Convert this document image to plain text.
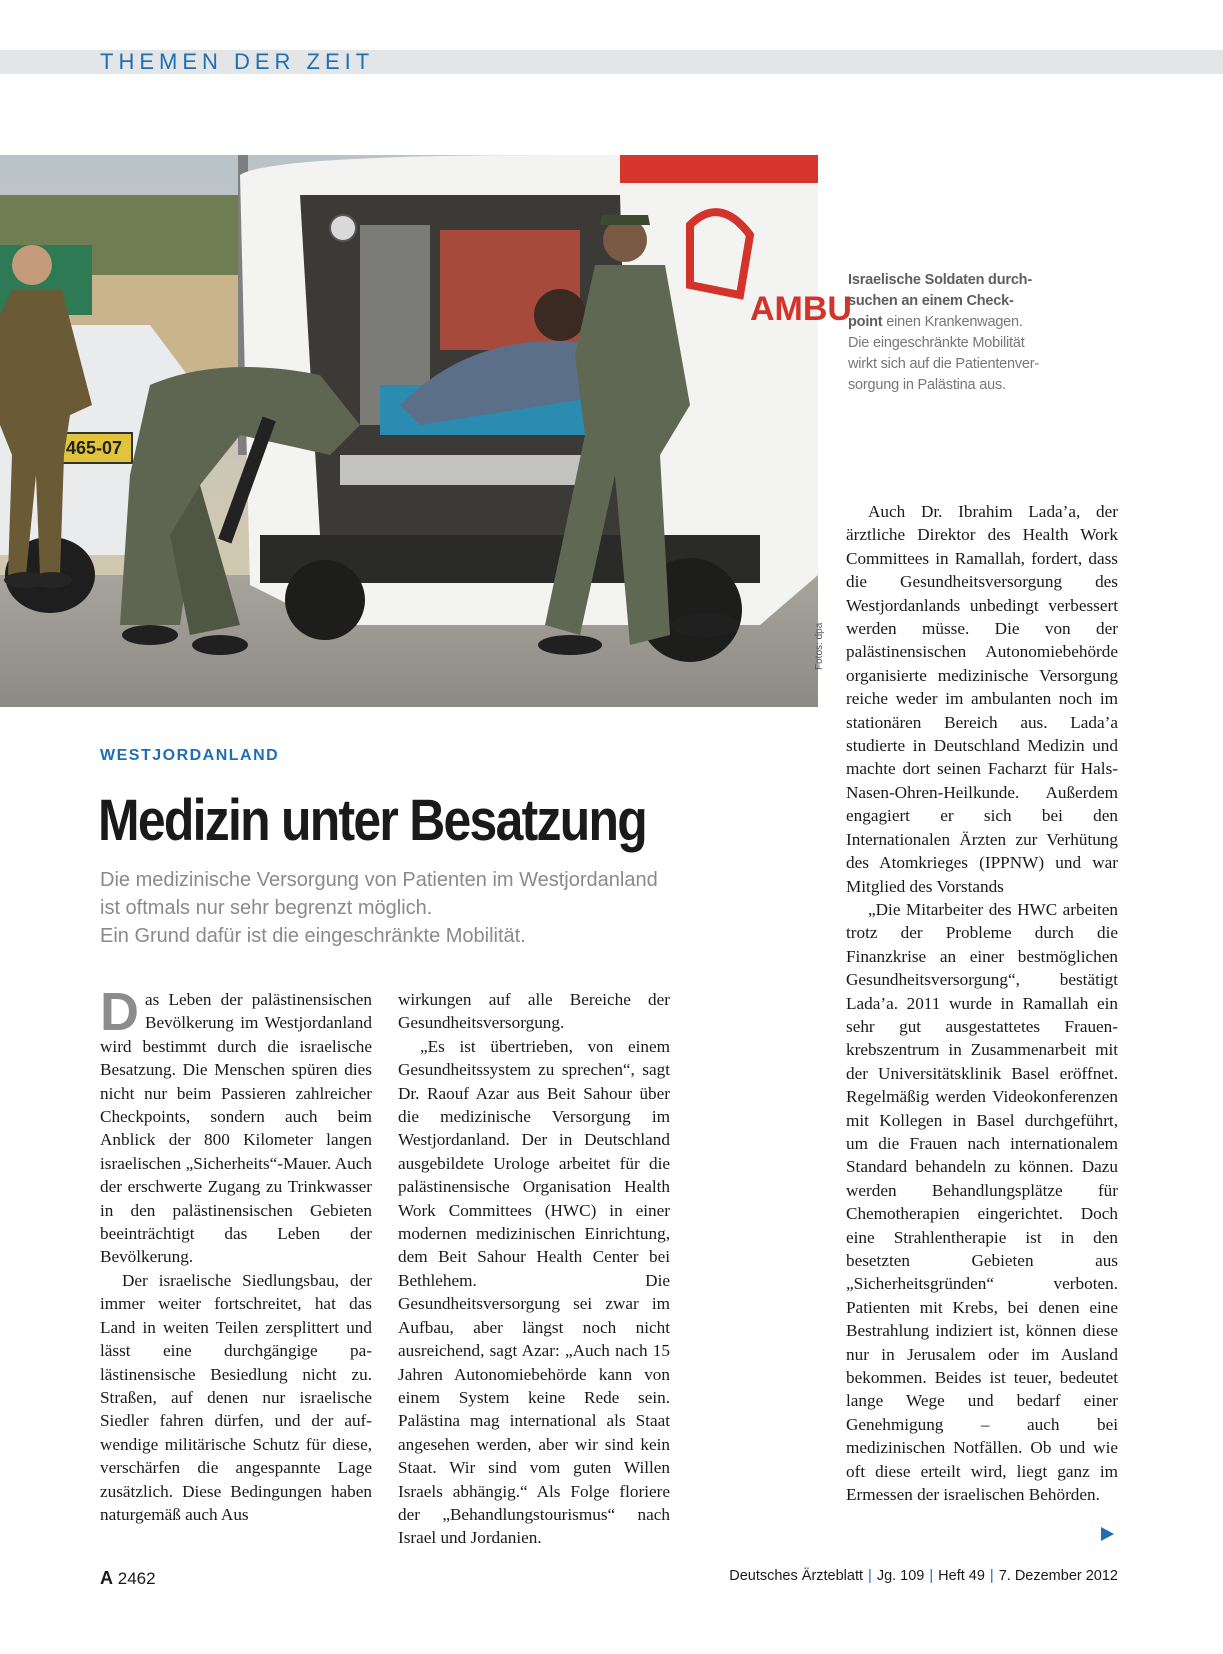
THEMEN DER ZEIT
465-07
AMBU
Fotos: dpa
Israelische Soldaten durch-
suchen an einem Check-
point einen Krankenwagen.
Die eingeschränkte Mobilität
wirkt sich auf die Patientenver-
sorgung in Palästina aus.
WESTJORDANLAND
Medizin unter Besatzung
Die medizinische Versorgung von Patienten im Westjordanland
ist oftmals nur sehr begrenzt möglich.
Ein Grund dafür ist die eingeschränkte Mobilität.

Das Leben der palästinensischen Bevölkerung im Westjordanland wird bestimmt durch die israelische Besatzung. Die Menschen spüren dies nicht nur beim Passieren zahlreicher Checkpoints, sondern auch beim Anblick der 800 Kilometer langen israelischen „Sicherheits“-Mauer. Auch der erschwerte Zugang zu Trinkwasser in den palästinensischen Gebieten beeinträchtigt das Leben der Bevölkerung.

Der israelische Siedlungsbau, der immer weiter fortschreitet, hat das Land in weiten Teilen zersplittert und lässt eine durchgängige palästinensische Besiedlung nicht zu. Straßen, auf denen nur israelische Siedler fahren dürfen, und der aufwendige militärische Schutz für diese, verschärfen die angespannte Lage zusätzlich. Diese Bedingungen haben naturgemäß auch Aus

wirkungen auf alle Bereiche der Gesundheitsversorgung.

„Es ist übertrieben, von einem Gesundheitssystem zu sprechen“, sagt Dr. Raouf Azar aus Beit Sahour über die medizinische Versorgung im Westjordanland. Der in Deutschland ausgebildete Urologe arbeitet für die palästinensische Organisation Health Work Committees (HWC) in einer modernen medizinischen Einrichtung, dem Beit Sahour Health Center bei Bethlehem. Die Gesundheitsversorgung sei zwar im Aufbau, aber längst noch nicht ausreichend, sagt Azar: „Auch nach 15 Jahren Autonomiebehörde kann von einem System keine Rede sein. Palästina mag international als Staat angesehen werden, aber wir sind kein Staat. Wir sind vom guten Willen Israels abhängig.“ Als Folge floriere der „Behandlungstourismus“ nach Israel und Jordanien.

Auch Dr. Ibrahim Lada’a, der ärztliche Direktor des Health Work Committees in Ramallah, fordert, dass die Gesundheitsversorgung des Westjordanlands unbedingt verbessert werden müsse. Die von der palästinensischen Autonomiebehörde organisierte medizinische Versorgung reiche weder im ambulanten noch im stationären Bereich aus. Lada’a studierte in Deutschland Medizin und machte dort seinen Facharzt für Hals-Nasen-Ohren-Heilkunde. Außerdem engagiert er sich bei den Internationalen Ärzten zur Verhütung des Atomkrieges (IPPNW) und war Mitglied des Vorstands

„Die Mitarbeiter des HWC arbeiten trotz der Probleme durch die Finanzkrise an einer bestmöglichen Gesundheitsversorgung“, bestätigt Lada’a. 2011 wurde in Ramallah ein sehr gut ausgestattetes Frauenkrebszentrum in Zusammenarbeit mit der Universitätsklinik Basel eröffnet. Regelmäßig werden Videokonferenzen mit Kollegen in Basel durchgeführt, um die Frauen nach internationalem Standard behandeln zu können. Dazu werden Behandlungsplätze für Chemotherapien eingerichtet. Doch eine Strahlentherapie ist in den besetzten Gebieten aus „Sicherheitsgründen“ verboten. Patienten mit Krebs, bei denen eine Bestrahlung indiziert ist, können diese nur in Jerusalem oder im Ausland bekommen. Beides ist teuer, bedeutet lange Wege und bedarf einer Genehmigung – auch bei medizinischen Notfällen. Ob und wie oft diese erteilt wird, liegt ganz im Ermessen der israelischen Behörden.

A 2462	Deutsches Ärzteblatt | Jg. 109 | Heft 49 | 7. Dezember 2012
